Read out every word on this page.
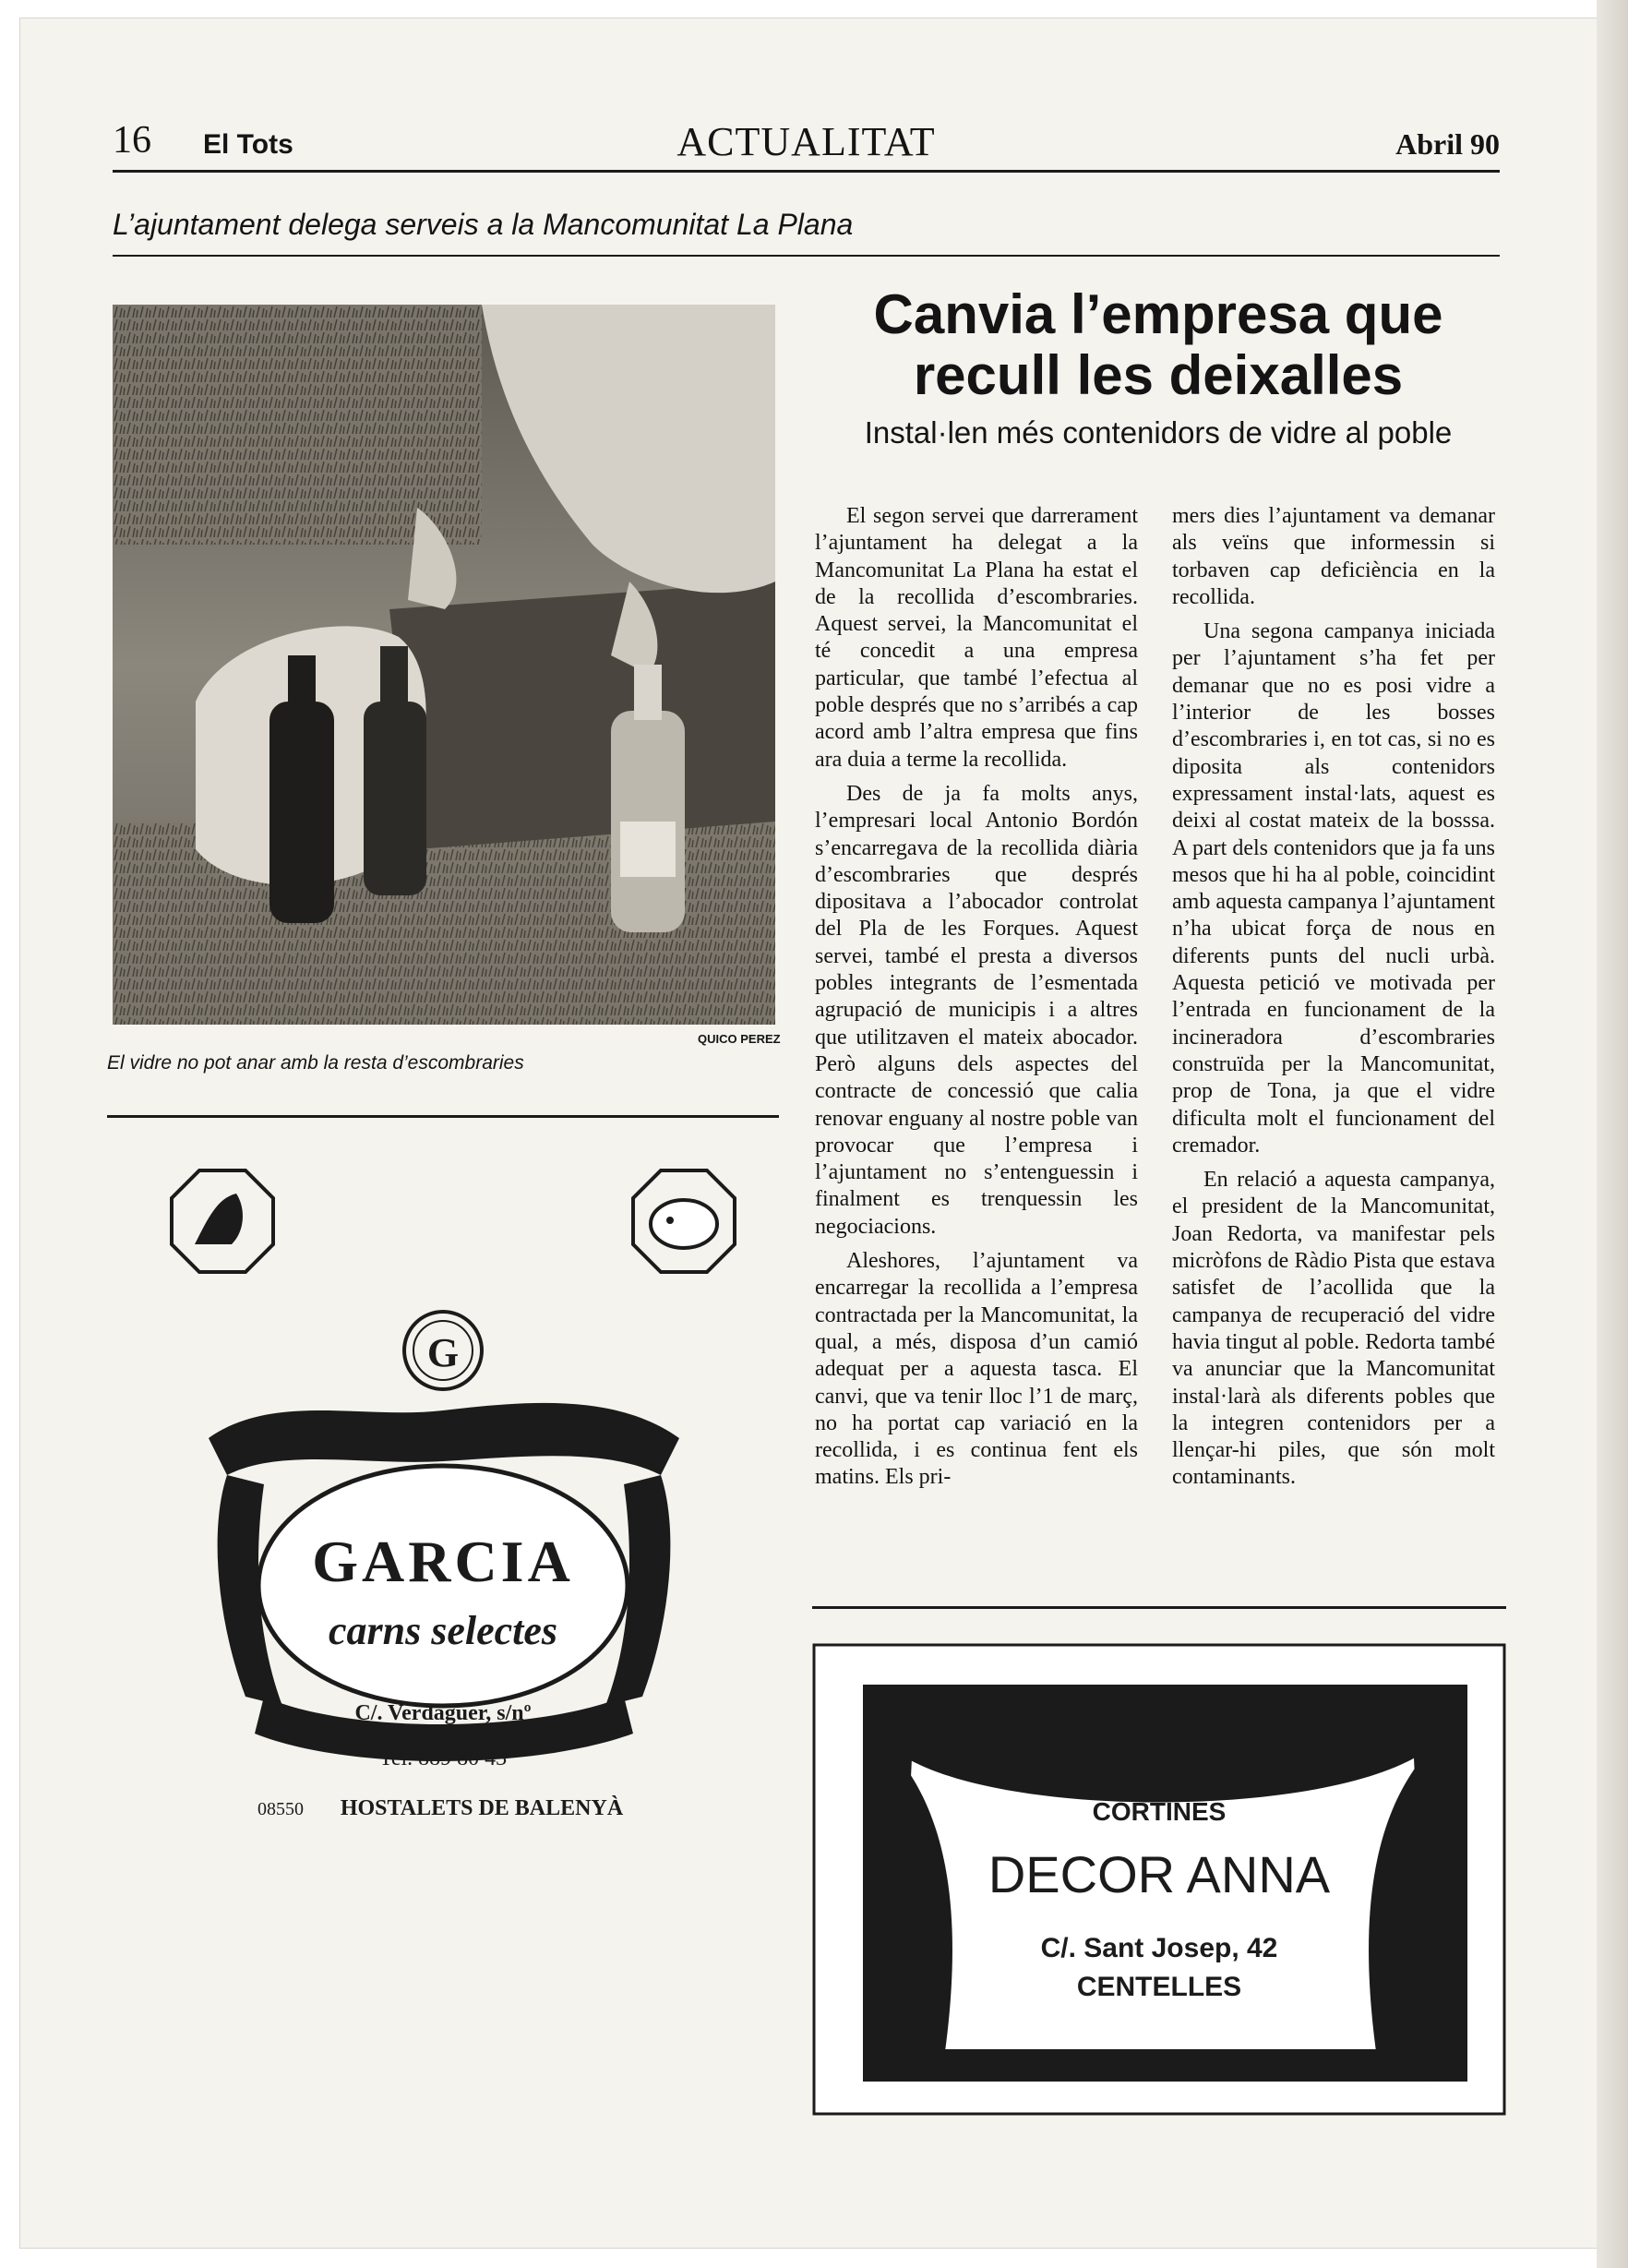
16 El Tots	ACTUALITAT	Abril 90
L’ajuntament delega serveis a la Mancomunitat La Plana
QUICO PEREZ
El vidre no pot anar amb la resta d’escombraries
Canvia l’empresa que
recull les deixalles
Instal·len més contenidors de vidre al poble

El segon servei que darrerament l’ajuntament ha delegat a la Mancomunitat La Plana ha estat el de la recollida d’escombraries. Aquest servei, la Mancomunitat el té concedit a una empresa particular, que també l’efectua al poble després que no s’arribés a cap acord amb l’altra empresa que fins ara duia a terme la recollida.

Des de ja fa molts anys, l’empresari local Antonio Bordón s’encarregava de la recollida diària d’escombraries que després dipositava a l’abocador controlat del Pla de les Forques. Aquest servei, també el presta a diversos pobles integrants de l’esmentada agrupació de municipis i a altres que utilitzaven el mateix abocador. Però alguns dels aspectes del contracte de concessió que calia renovar enguany al nostre poble van provocar que l’empresa i l’ajuntament no s’entenguessin i finalment es trenquessin les negociacions.

Aleshores, l’ajuntament va encarregar la recollida a l’empresa contractada per la Mancomunitat, la qual, a més, disposa d’un camió adequat per a aquesta tasca. El canvi, que va tenir lloc l’1 de març, no ha portat cap variació en la recollida, i es continua fent els matins. Els pri-

mers dies l’ajuntament va demanar als veïns que informessin si torbaven cap deficiència en la recollida.

Una segona campanya iniciada per l’ajuntament s’ha fet per demanar que no es posi vidre a l’interior de les bosses d’escombraries i, en tot cas, si no es diposita als contenidors expressament instal·lats, aquest es deixi al costat mateix de la bosssa. A part dels contenidors que ja fa uns mesos que hi ha al poble, coincidint amb aquesta campanya l’ajuntament n’ha ubicat força de nous en diferents punts del nucli urbà. Aquesta petició ve motivada per l’entrada en funcionament de la incineradora d’escombraries construïda per la Mancomunitat, prop de Tona, ja que el vidre dificulta molt el funcionament del cremador.

En relació a aquesta campanya, el president de la Mancomunitat, Joan Redorta, va manifestar pels micròfons de Ràdio Pista que estava satisfet de l’acollida que la campanya de recuperació del vidre havia tingut al poble. Redorta també va anunciar que la Mancomunitat instal·larà als diferents pobles que la integren contenidors per a llençar-hi piles, que són molt contaminants.

G
GARCIA
carns selectes
C/. Verdaguer, s/nº
Tel. 889 80 43
08550 HOSTALETS DE BALENYÀ	CORTINES
DECOR ANNA
C/. Sant Josep, 42
CENTELLES
